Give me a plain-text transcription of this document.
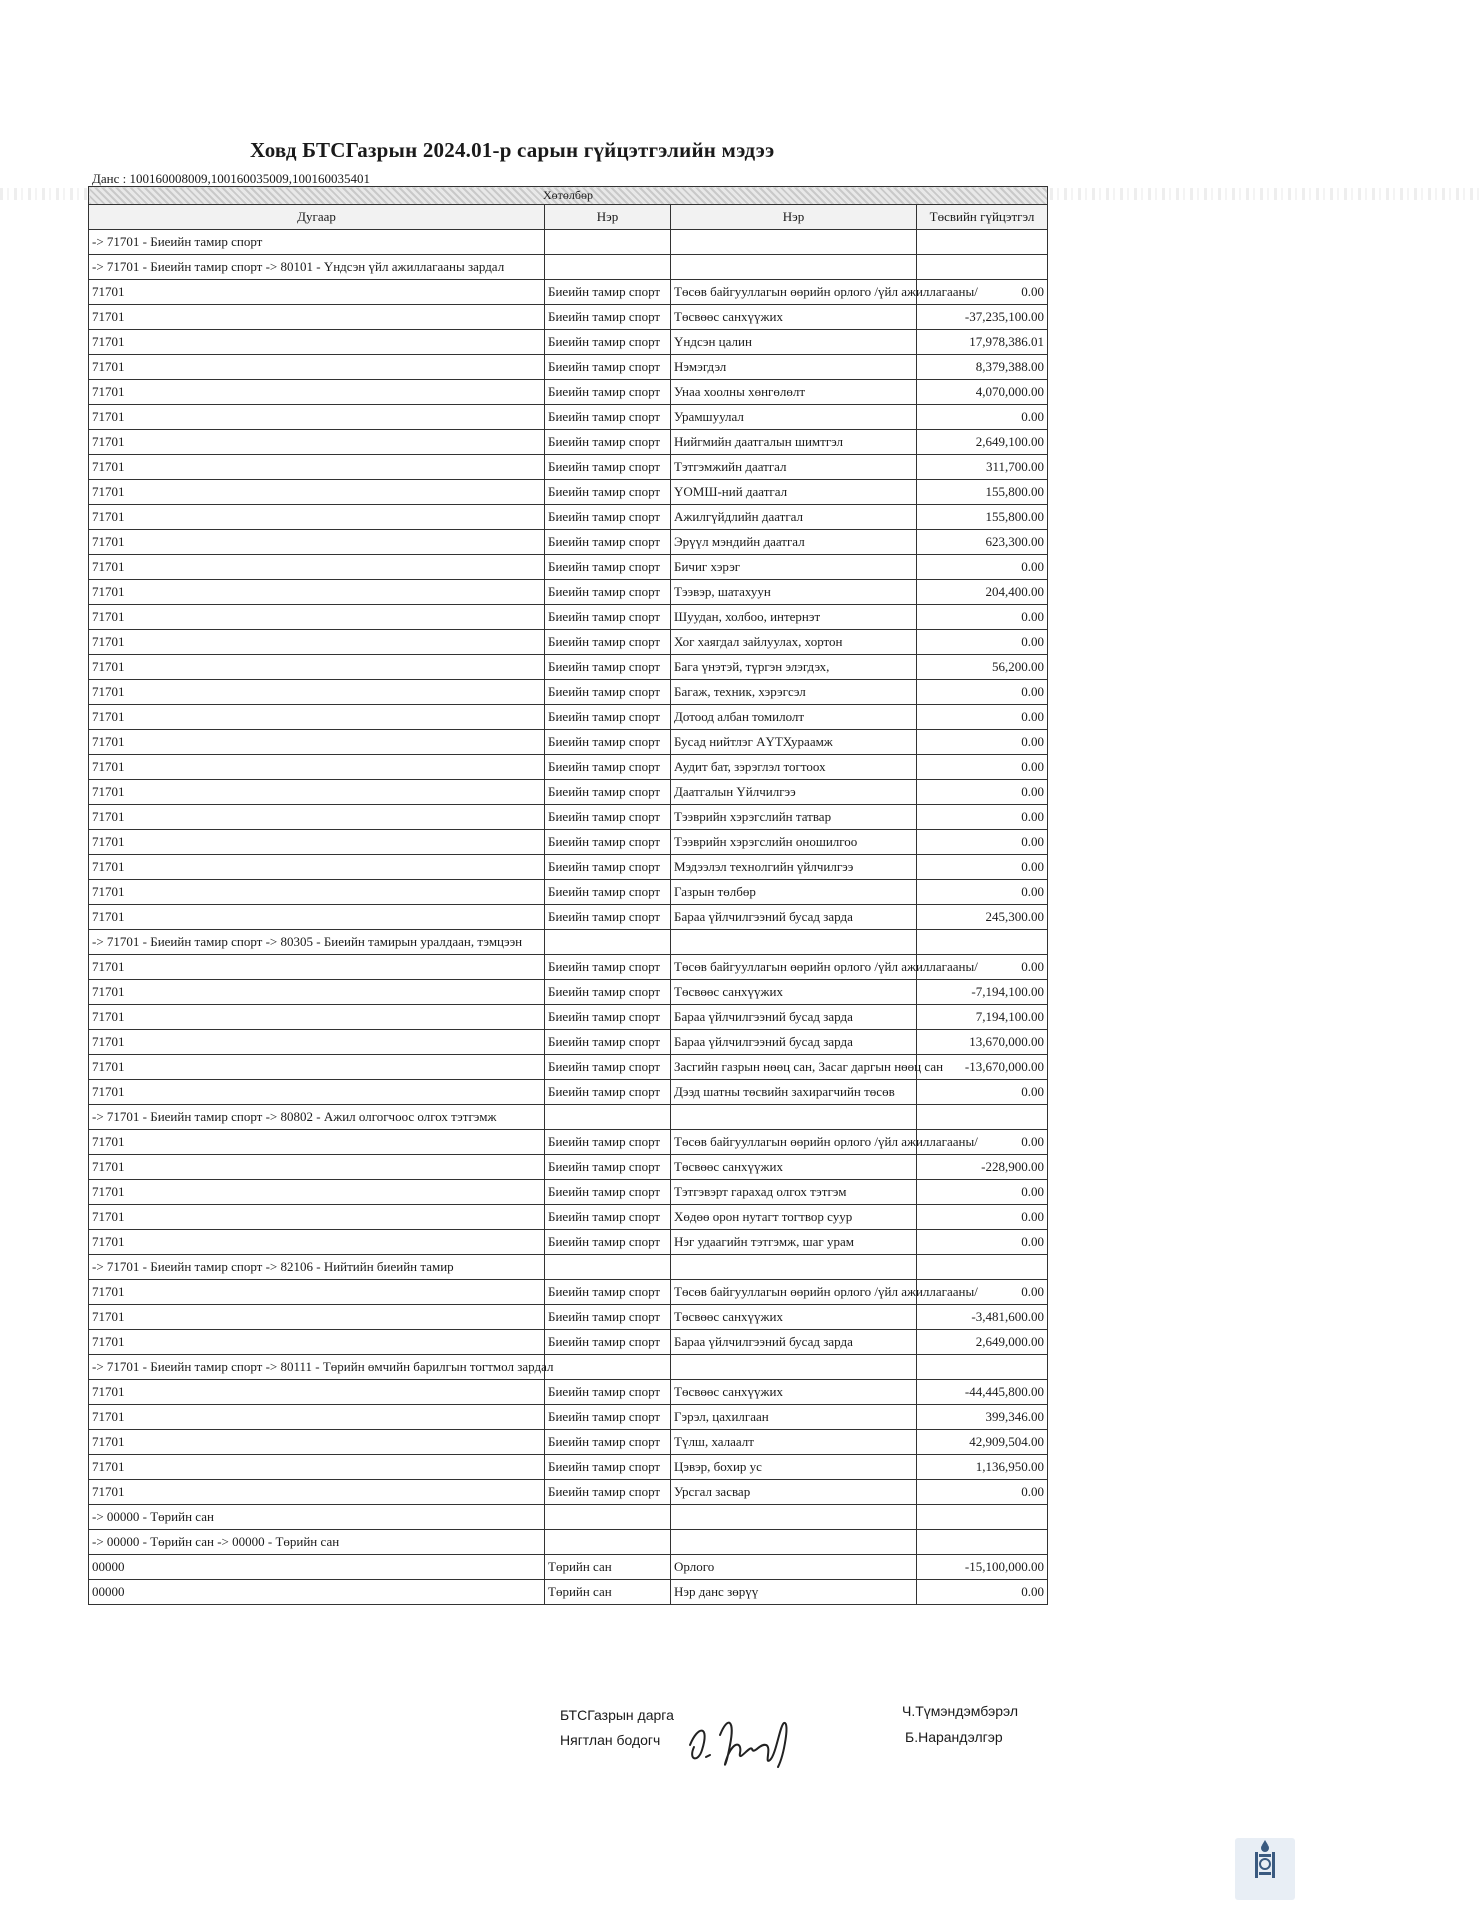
Ховд БТСГазрын 2024.01-р сарын гүйцэтгэлийн мэдээ
Данс : 100160008009,100160035009,100160035401
Хөтөлбөр			
Дугаар	Нэр	Нэр	Төсвийн гүйцэтгэл
-> 71701 - Биеийн тамир спорт			
-> 71701 - Биеийн тамир спорт -> 80101 - Үндсэн үйл ажиллагааны зардал			
71701	Биеийн тамир спорт	Төсөв байгууллагын өөрийн орлого /үйл ажиллагааны/	0.00
71701	Биеийн тамир спорт	Төсвөөс санхүүжих	-37,235,100.00
71701	Биеийн тамир спорт	Үндсэн цалин	17,978,386.01
71701	Биеийн тамир спорт	Нэмэгдэл	8,379,388.00
71701	Биеийн тамир спорт	Унаа хоолны хөнгөлөлт	4,070,000.00
71701	Биеийн тамир спорт	Урамшуулал	0.00
71701	Биеийн тамир спорт	Нийгмийн даатгалын шимтгэл	2,649,100.00
71701	Биеийн тамир спорт	Тэтгэмжийн даатгал	311,700.00
71701	Биеийн тамир спорт	ҮОМШ-ний даатгал	155,800.00
71701	Биеийн тамир спорт	Ажилгүйдлийн даатгал	155,800.00
71701	Биеийн тамир спорт	Эрүүл мэндийн даатгал	623,300.00
71701	Биеийн тамир спорт	Бичиг хэрэг	0.00
71701	Биеийн тамир спорт	Тээвэр, шатахуун	204,400.00
71701	Биеийн тамир спорт	Шуудан, холбоо, интернэт	0.00
71701	Биеийн тамир спорт	Хог хаягдал зайлуулах, хортон	0.00
71701	Биеийн тамир спорт	Бага үнэтэй, түргэн элэгдэх,	56,200.00
71701	Биеийн тамир спорт	Багаж, техник, хэрэгсэл	0.00
71701	Биеийн тамир спорт	Дотоод албан томилолт	0.00
71701	Биеийн тамир спорт	Бусад нийтлэг АҮТХураамж	0.00
71701	Биеийн тамир спорт	Аудит бат, зэрэглэл тогтоох	0.00
71701	Биеийн тамир спорт	Даатгалын Үйлчилгээ	0.00
71701	Биеийн тамир спорт	Тээврийн хэрэгслийн татвар	0.00
71701	Биеийн тамир спорт	Тээврийн хэрэгслийн оношилгоо	0.00
71701	Биеийн тамир спорт	Мэдээлэл технолгийн үйлчилгээ	0.00
71701	Биеийн тамир спорт	Газрын төлбөр	0.00
71701	Биеийн тамир спорт	Бараа үйлчилгээний бусад зарда	245,300.00
-> 71701 - Биеийн тамир спорт -> 80305 - Биеийн тамирын уралдаан, тэмцээн			
71701	Биеийн тамир спорт	Төсөв байгууллагын өөрийн орлого /үйл ажиллагааны/	0.00
71701	Биеийн тамир спорт	Төсвөөс санхүүжих	-7,194,100.00
71701	Биеийн тамир спорт	Бараа үйлчилгээний бусад зарда	7,194,100.00
71701	Биеийн тамир спорт	Бараа үйлчилгээний бусад зарда	13,670,000.00
71701	Биеийн тамир спорт	Засгийн газрын нөөц сан, Засаг даргын нөөц сан	-13,670,000.00
71701	Биеийн тамир спорт	Дээд шатны төсвийн захирагчийн төсөв	0.00
-> 71701 - Биеийн тамир спорт -> 80802 - Ажил олгогчоос олгох тэтгэмж			
71701	Биеийн тамир спорт	Төсөв байгууллагын өөрийн орлого /үйл ажиллагааны/	0.00
71701	Биеийн тамир спорт	Төсвөөс санхүүжих	-228,900.00
71701	Биеийн тамир спорт	Тэтгэвэрт гарахад олгох тэтгэм	0.00
71701	Биеийн тамир спорт	Хөдөө орон нутагт тогтвор суур	0.00
71701	Биеийн тамир спорт	Нэг удаагийн тэтгэмж, шаг урам	0.00
-> 71701 - Биеийн тамир спорт -> 82106 - Нийтийн биеийн тамир			
71701	Биеийн тамир спорт	Төсөв байгууллагын өөрийн орлого /үйл ажиллагааны/	0.00
71701	Биеийн тамир спорт	Төсвөөс санхүүжих	-3,481,600.00
71701	Биеийн тамир спорт	Бараа үйлчилгээний бусад зарда	2,649,000.00
-> 71701 - Биеийн тамир спорт -> 80111 - Төрийн өмчийн барилгын тогтмол зардал			
71701	Биеийн тамир спорт	Төсвөөс санхүүжих	-44,445,800.00
71701	Биеийн тамир спорт	Гэрэл, цахилгаан	399,346.00
71701	Биеийн тамир спорт	Түлш, халаалт	42,909,504.00
71701	Биеийн тамир спорт	Цэвэр, бохир ус	1,136,950.00
71701	Биеийн тамир спорт	Урсгал засвар	0.00
-> 00000 - Төрийн сан			
-> 00000 - Төрийн сан -> 00000 - Төрийн сан			
00000	Төрийн сан	Орлого	-15,100,000.00
00000	Төрийн сан	Нэр данс зөрүү	0.00
БТСГазрын дарга
Нягтлан бодогч
Ч.Түмэндэмбэрэл
Б.Нарандэлгэр
